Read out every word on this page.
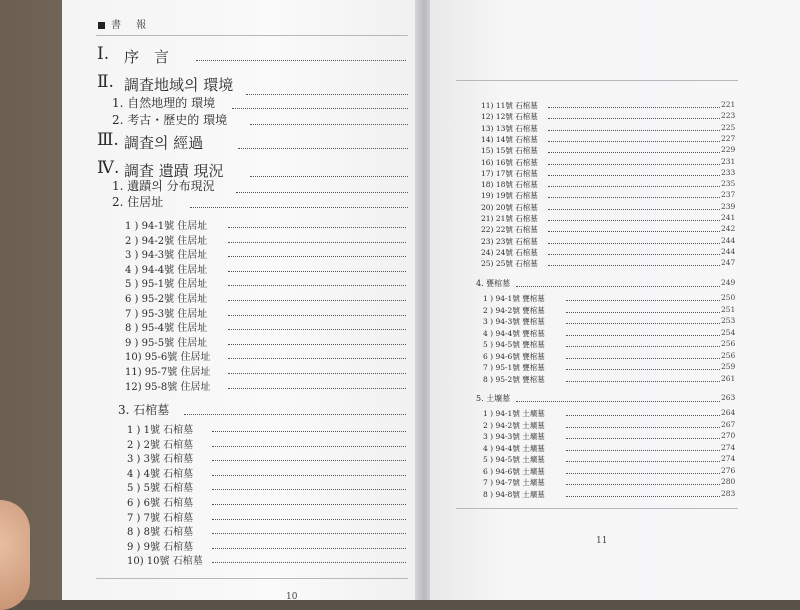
書 報
Ⅰ. 序　言
Ⅱ. 調査地域의 環境
1. 自然地理的 環境
2. 考古・歷史的 環境
Ⅲ. 調査의 經過
Ⅳ. 調査 遺蹟 現況
1. 遺蹟의 分布現況
2. 住居址
1 ) 94-1號 住居址
2 ) 94-2號 住居址
3 ) 94-3號 住居址
4 ) 94-4號 住居址
5 ) 95-1號 住居址
6 ) 95-2號 住居址
7 ) 95-3號 住居址
8 ) 95-4號 住居址
9 ) 95-5號 住居址
10) 95-6號 住居址
11) 95-7號 住居址
12) 95-8號 住居址
3. 石棺墓
1 ) 1號 石棺墓
2 ) 2號 石棺墓
3 ) 3號 石棺墓
4 ) 4號 石棺墓
5 ) 5號 石棺墓
6 ) 6號 石棺墓
7 ) 7號 石棺墓
8 ) 8號 石棺墓
9 ) 9號 石棺墓
10) 10號 石棺墓
11) 11號 石棺墓	221
12) 12號 石棺墓	223
13) 13號 石棺墓	225
14) 14號 石棺墓	227
15) 15號 石棺墓	229
16) 16號 石棺墓	231
17) 17號 石棺墓	233
18) 18號 石棺墓	235
19) 19號 石棺墓	237
20) 20號 石棺墓	239
21) 21號 石棺墓	241
22) 22號 石棺墓	242
23) 23號 石棺墓	244
24) 24號 石棺墓	244
25) 25號 石棺墓	247
4. 甕棺墓	249
1 ) 94-1號 甕棺墓	250
2 ) 94-2號 甕棺墓	251
3 ) 94-3號 甕棺墓	253
4 ) 94-4號 甕棺墓	254
5 ) 94-5號 甕棺墓	256
6 ) 94-6號 甕棺墓	256
7 ) 95-1號 甕棺墓	259
8 ) 95-2號 甕棺墓	261
5. 土壙墓	263
1 ) 94-1號 土壙墓	264
2 ) 94-2號 土壙墓	267
3 ) 94-3號 土壙墓	270
4 ) 94-4號 土壙墓	274
5 ) 94-5號 土壙墓	274
6 ) 94-6號 土壙墓	276
7 ) 94-7號 土壙墓	280
8 ) 94-8號 土壙墓	283
10
11
